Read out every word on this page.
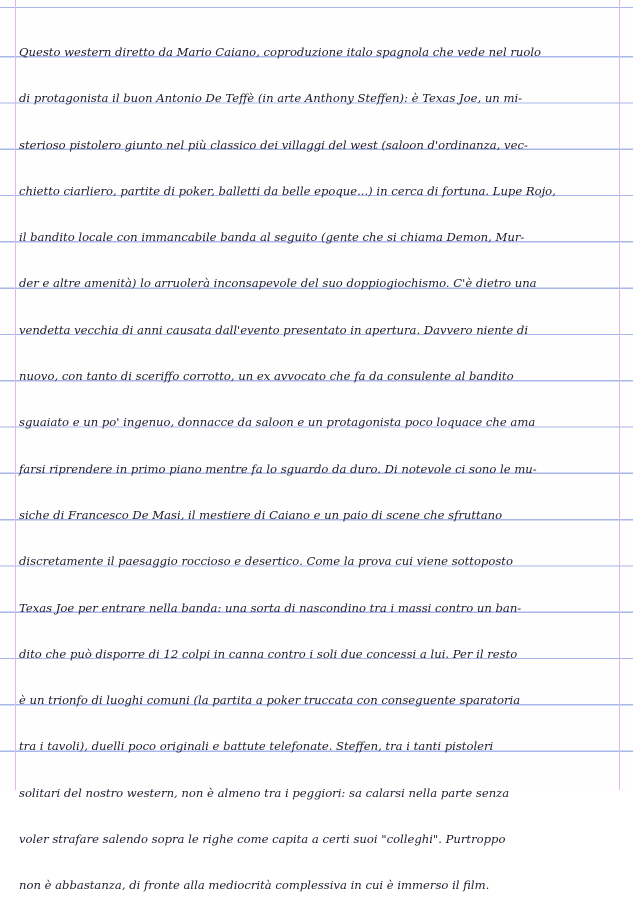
Questo western diretto da Mario Caiano, coproduzione italo spagnola che vede nel ruolo
di protagonista il buon Antonio De Teffè (in arte Anthony Steffen): è Texas Joe, un mi-
sterioso pistolero giunto nel più classico dei villaggi del west (saloon d'ordinanza, vec-
chietto ciarliero, partite di poker, balletti da belle epoque...) in cerca di fortuna. Lupe Rojo,
il bandito locale con immancabile banda al seguito (gente che si chiama Demon, Mur-
der e altre amenità) lo arruolerà inconsapevole del suo doppiogiochismo. C'è dietro una
vendetta vecchia di anni causata dall'evento presentato in apertura. Davvero niente di
nuovo, con tanto di sceriffo corrotto, un ex avvocato che fa da consulente al bandito
sguaiato e un po' ingenuo, donnacce da saloon e un protagonista poco loquace che ama
farsi riprendere in primo piano mentre fa lo sguardo da duro. Di notevole ci sono le mu-
siche di Francesco De Masi, il mestiere di Caiano e un paio di scene che sfruttano
discretamente il paesaggio roccioso e desertico. Come la prova cui viene sottoposto
Texas Joe per entrare nella banda: una sorta di nascondino tra i massi contro un ban-
dito che può disporre di 12 colpi in canna contro i soli due concessi a lui. Per il resto
è un trionfo di luoghi comuni (la partita a poker truccata con conseguente sparatoria
tra i tavoli), duelli poco originali e battute telefonate. Steffen, tra i tanti pistoleri
solitari del nostro western, non è almeno tra i peggiori: sa calarsi nella parte senza
voler strafare salendo sopra le righe come capita a certi suoi "colleghi". Purtroppo
non è abbastanza, di fronte alla mediocrità complessiva in cui è immerso il film.
